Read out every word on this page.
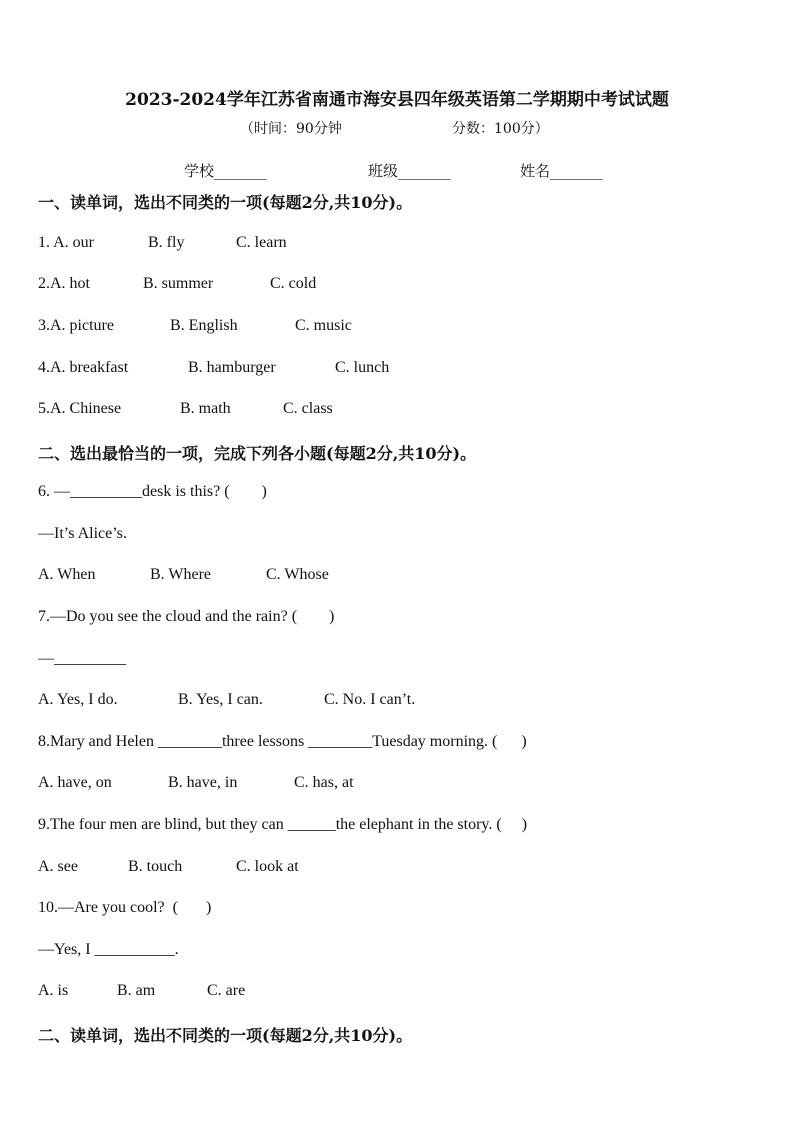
2023-2024学年江苏省南通市海安县四年级英语第二学期期中考试试题
（时间：90分钟	分数：100分）
学校_______	班级_______	姓名_______
一、读单词，选出不同类的一项(每题2分,共10分)。
1. A. our	B. fly	C. learn
2.A. hot	B. summer	C. cold
3.A. picture	B. English	C. music
4.A. breakfast	B. hamburger	C. lunch
5.A. Chinese	B. math	C. class
二、选出最恰当的一项，完成下列各小题(每题2分,共10分)。
6. —_________desk is this? (        )
—It’s Alice’s.
A. When	B. Where	C. Whose
7.—Do you see the cloud and the rain? (        )
—_________
A. Yes, I do.	B. Yes, I can.	C. No. I can’t.
8.Mary and Helen ________three lessons ________Tuesday morning. (      )
A. have, on	B. have, in	C. has, at
9.The four men are blind, but they can ______the elephant in the story. (     )
A. see	B. touch	C. look at
10.—Are you cool?  (       )
—Yes, I __________.
A. is	B. am	C. are
二、读单词，选出不同类的一项(每题2分,共10分)。
